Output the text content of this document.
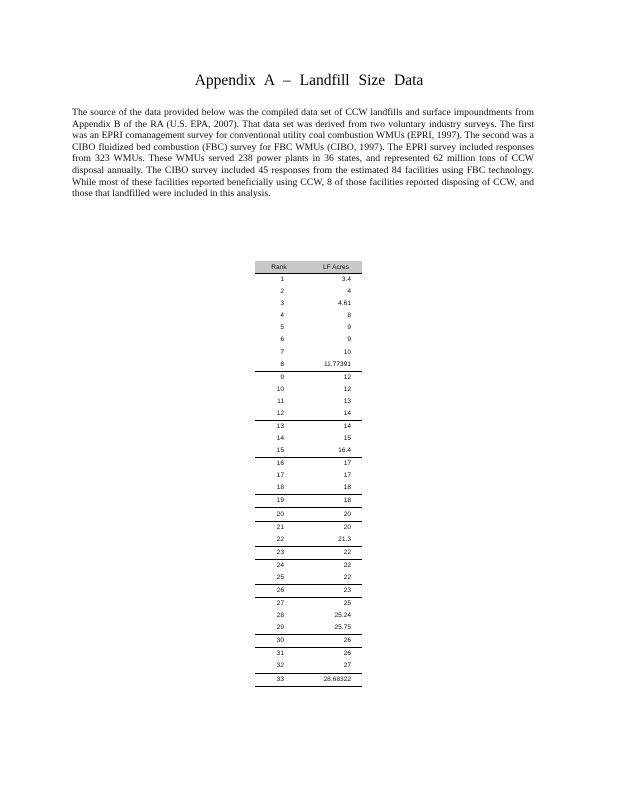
Appendix A – Landfill Size Data

The source of the data provided below was the compiled data set of CCW landfills and surface impoundments from Appendix B of the RA (U.S. EPA, 2007). That data set was derived from two voluntary industry surveys. The first was an EPRI comanagement survey for conventional utility coal combustion WMUs (EPRI, 1997). The second was a CIBO fluidized bed combustion (FBC) survey for FBC WMUs (CIBO, 1997). The EPRI survey included responses from 323 WMUs. These WMUs served 238 power plants in 36 states, and represented 62 million tons of CCW disposal annually. The CIBO survey included 45 responses from the estimated 84 facilities using FBC technology. While most of these facilities reported beneficially using CCW, 8 of those facilities reported disposing of CCW, and those that landfilled were included in this analysis.

Rank	LF Acres
1	3.4
2	4
3	4.61
4	8
5	9
6	9
7	10
8	11.77391
9	12
10	12
11	13
12	14
13	14
14	15
15	16.4
16	17
17	17
18	18
19	18
20	20
21	20
22	21.3
23	22
24	22
25	22
26	23
27	25
28	25.24
29	25.75
30	26
31	26
32	27
33	28.68322
